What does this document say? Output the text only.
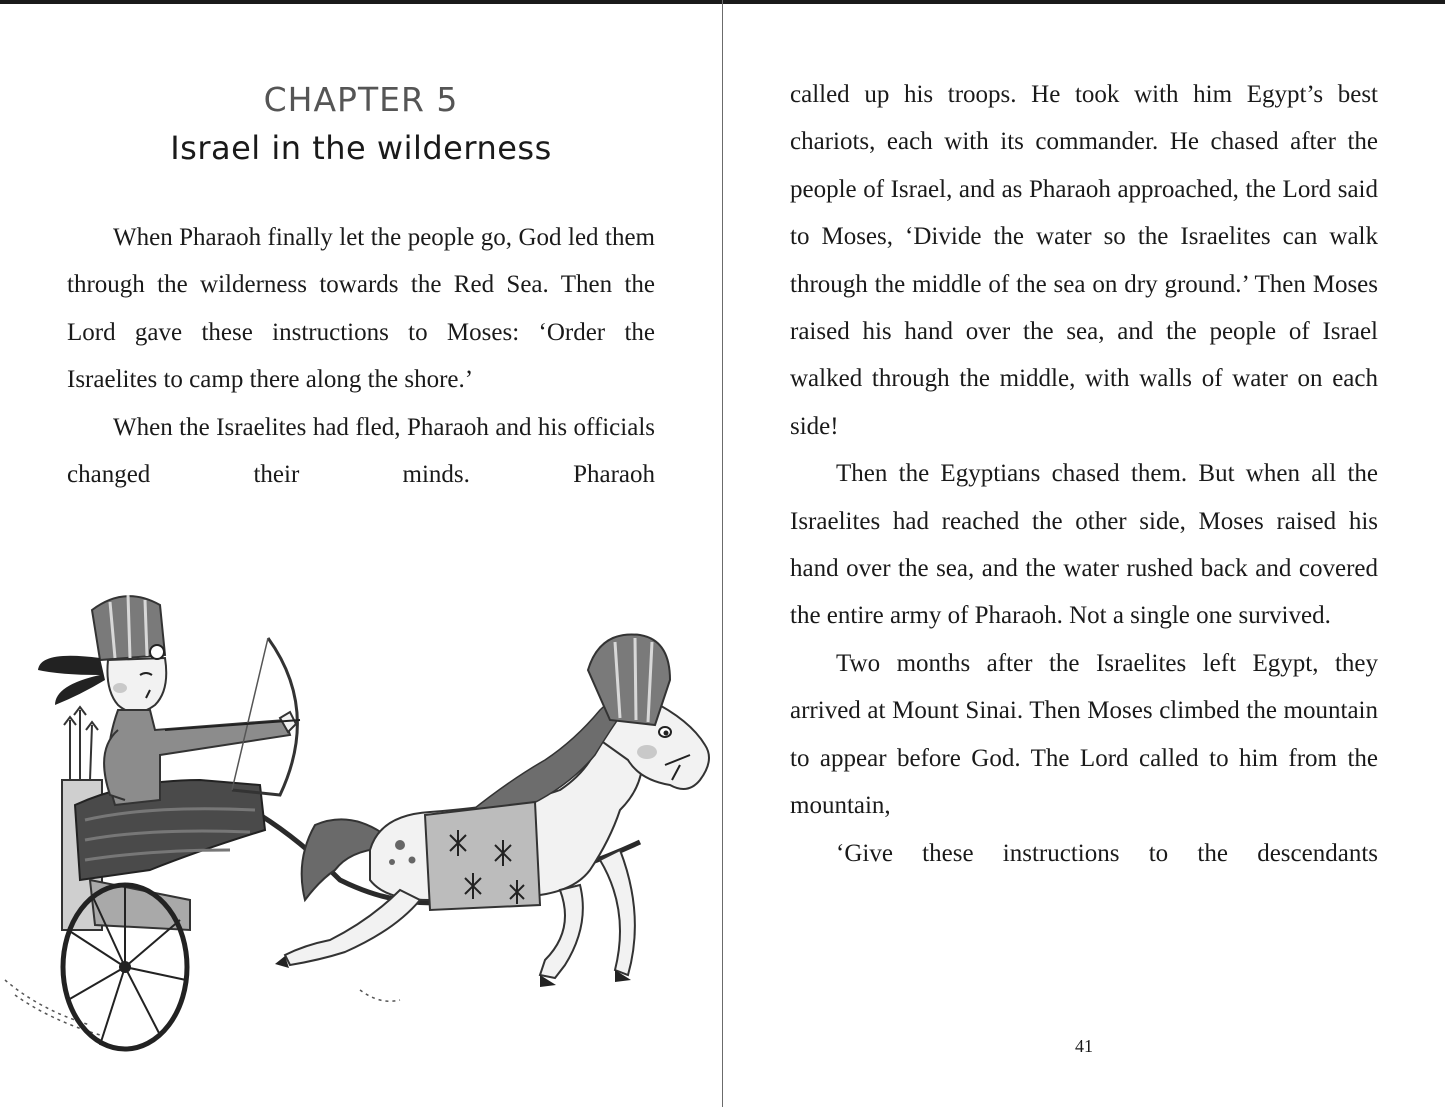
CHAPTER 5
Israel in the wilderness

When Pharaoh finally let the people go, God led them through the wilderness towards the Red Sea. Then the Lord gave these instructions to Moses: ‘Order the Israelites to camp there along the shore.’

When the Israelites had fled, Pharaoh and his officials changed their minds. Pharaoh

called up his troops. He took with him Egypt’s best chariots, each with its commander. He chased after the people of Israel, and as Pharaoh approached, the Lord said to Moses, ‘Divide the water so the Israelites can walk through the middle of the sea on dry ground.’ Then Moses raised his hand over the sea, and the people of Israel walked through the middle, with walls of water on each side!

Then the Egyptians chased them. But when all the Israelites had reached the other side, Moses raised his hand over the sea, and the water rushed back and covered the entire army of Pharaoh. Not a single one survived.

Two months after the Israelites left Egypt, they arrived at Mount Sinai. Then Moses climbed the mountain to appear before God. The Lord called to him from the mountain,

‘Give these instructions to the descendants

41
